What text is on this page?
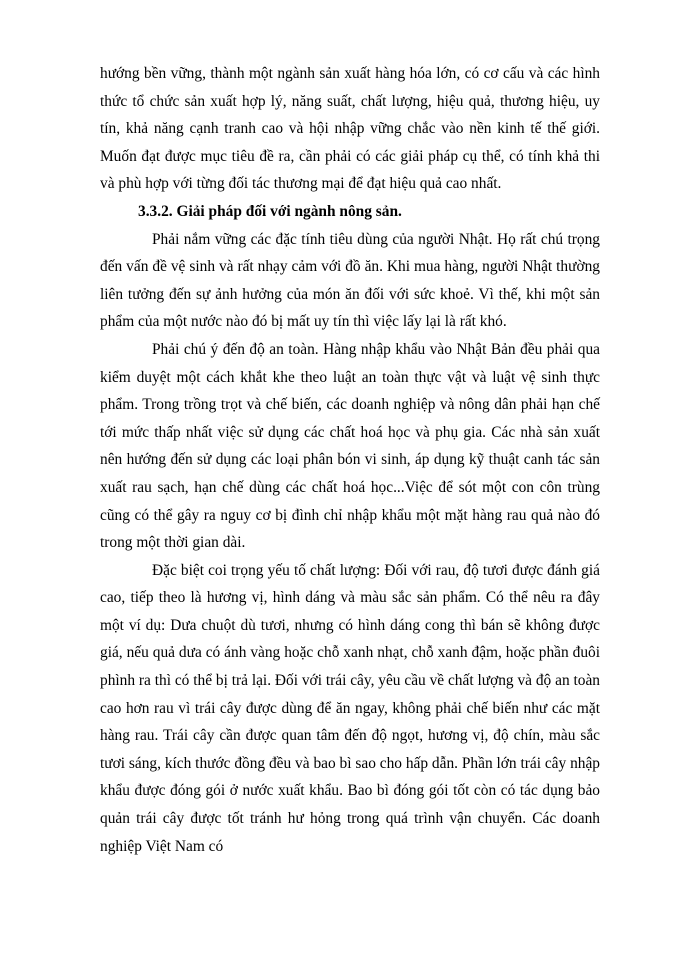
hướng bền vững, thành một ngành sản xuất hàng hóa lớn, có cơ cấu và các hình thức tổ chức sản xuất hợp lý, năng suất, chất lượng, hiệu quả, thương hiệu, uy tín, khả năng cạnh tranh cao và hội nhập vững chắc vào nền kinh tế thế giới. Muốn đạt được mục tiêu đề ra, cần phải có các giải pháp cụ thể, có tính khả thi và phù hợp với từng đối tác thương mại để đạt hiệu quả cao nhất.

3.3.2. Giải pháp đối với ngành nông sản.

Phải nắm vững các đặc tính tiêu dùng của người Nhật. Họ rất chú trọng đến vấn đề vệ sinh và rất nhạy cảm với đồ ăn. Khi mua hàng, người Nhật thường liên tưởng đến sự ảnh hưởng của món ăn đối với sức khoẻ. Vì thế, khi một sản phẩm của một nước nào đó bị mất uy tín thì việc lấy lại là rất khó.

Phải chú ý đến độ an toàn. Hàng nhập khẩu vào Nhật Bản đều phải qua kiểm duyệt một cách khắt khe theo luật an toàn thực vật và luật vệ sinh thực phẩm. Trong trồng trọt và chế biến, các doanh nghiệp và nông dân phải hạn chế tới mức thấp nhất việc sử dụng các chất hoá học và phụ gia. Các nhà sản xuất nên hướng đến sử dụng các loại phân bón vi sinh, áp dụng kỹ thuật canh tác sản xuất rau sạch, hạn chế dùng các chất hoá học...Việc để sót một con côn trùng cũng có thể gây ra nguy cơ bị đình chỉ nhập khẩu một mặt hàng rau quả nào đó trong một thời gian dài.

Đặc biệt coi trọng yếu tố chất lượng: Đối với rau, độ tươi được đánh giá cao, tiếp theo là hương vị, hình dáng và màu sắc sản phẩm. Có thể nêu ra đây một ví dụ: Dưa chuột dù tươi, nhưng có hình dáng cong thì bán sẽ không được giá, nếu quả dưa có ánh vàng hoặc chỗ xanh nhạt, chỗ xanh đậm, hoặc phần đuôi phình ra thì có thể bị trả lại. Đối với trái cây, yêu cầu về chất lượng và độ an toàn cao hơn rau vì trái cây được dùng để ăn ngay, không phải chế biến như các mặt hàng rau. Trái cây cần được quan tâm đến độ ngọt, hương vị, độ chín, màu sắc tươi sáng, kích thước đồng đều và bao bì sao cho hấp dẫn. Phần lớn trái cây nhập khẩu được đóng gói ở nước xuất khẩu. Bao bì đóng gói tốt còn có tác dụng bảo quản trái cây được tốt tránh hư hỏng trong quá trình vận chuyển. Các doanh nghiệp Việt Nam có
